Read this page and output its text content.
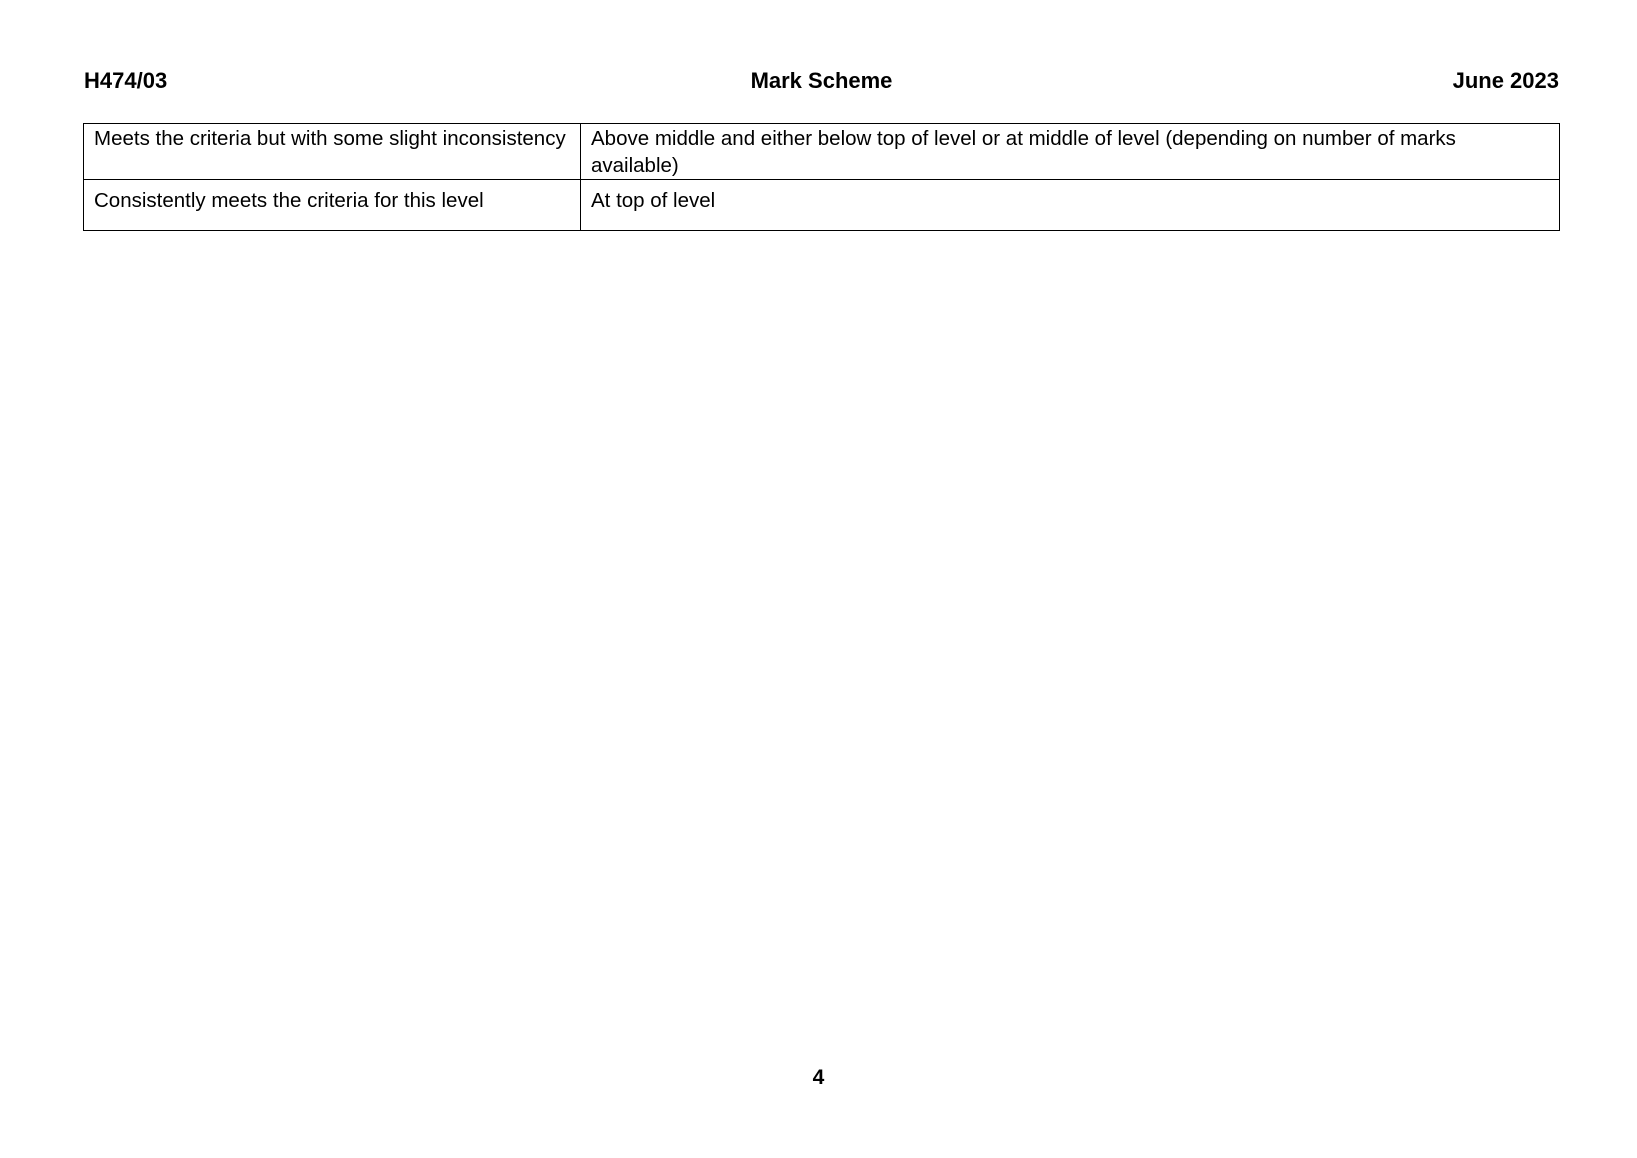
H474/03	Mark Scheme	June 2023
Meets the criteria but with some slight inconsistency	Above middle and either below top of level or at middle of level (depending on number of marks available)
Consistently meets the criteria for this level	At top of level
4
